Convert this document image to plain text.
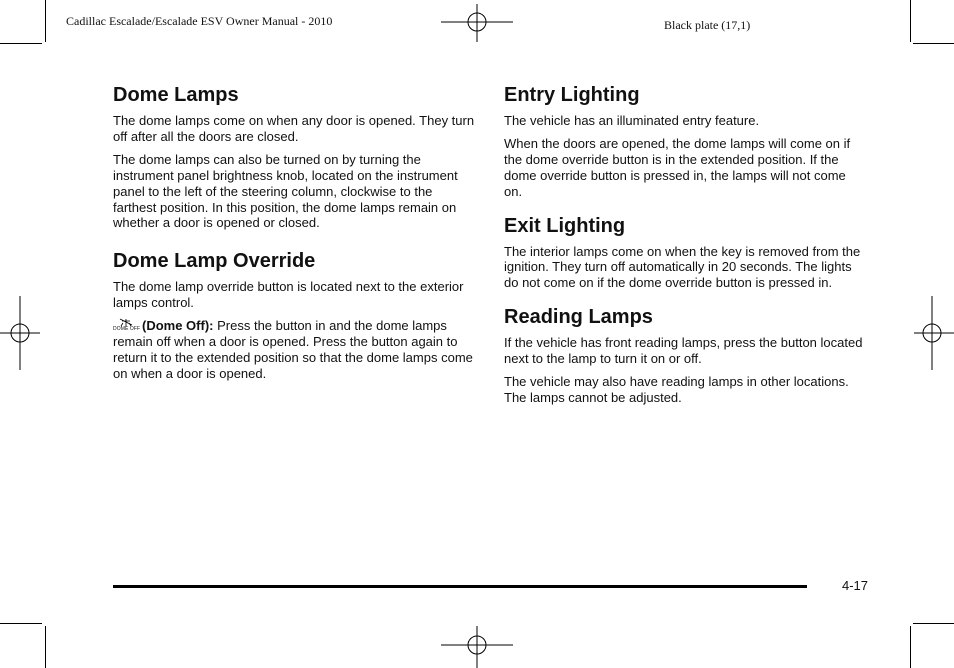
Cadillac Escalade/Escalade ESV Owner Manual - 2010	Black plate (17,1)
Dome Lamps

The dome lamps come on when any door is opened. They turn off after all the doors are closed.

The dome lamps can also be turned on by turning the instrument panel brightness knob, located on the instrument panel to the left of the steering column, clockwise to the farthest position. In this position, the dome lamps remain on whether a door is opened or closed.

Dome Lamp Override

The dome lamp override button is located next to the exterior lamps control.

DOME OFF (Dome Off): Press the button in and the dome lamps remain off when a door is opened. Press the button again to return it to the extended position so that the dome lamps come on when a door is opened.

Entry Lighting

The vehicle has an illuminated entry feature.

When the doors are opened, the dome lamps will come on if the dome override button is in the extended position. If the dome override button is pressed in, the lamps will not come on.

Exit Lighting

The interior lamps come on when the key is removed from the ignition. They turn off automatically in 20 seconds. The lights do not come on if the dome override button is pressed in.

Reading Lamps

If the vehicle has front reading lamps, press the button located next to the lamp to turn it on or off.

The vehicle may also have reading lamps in other locations. The lamps cannot be adjusted.

4-17
